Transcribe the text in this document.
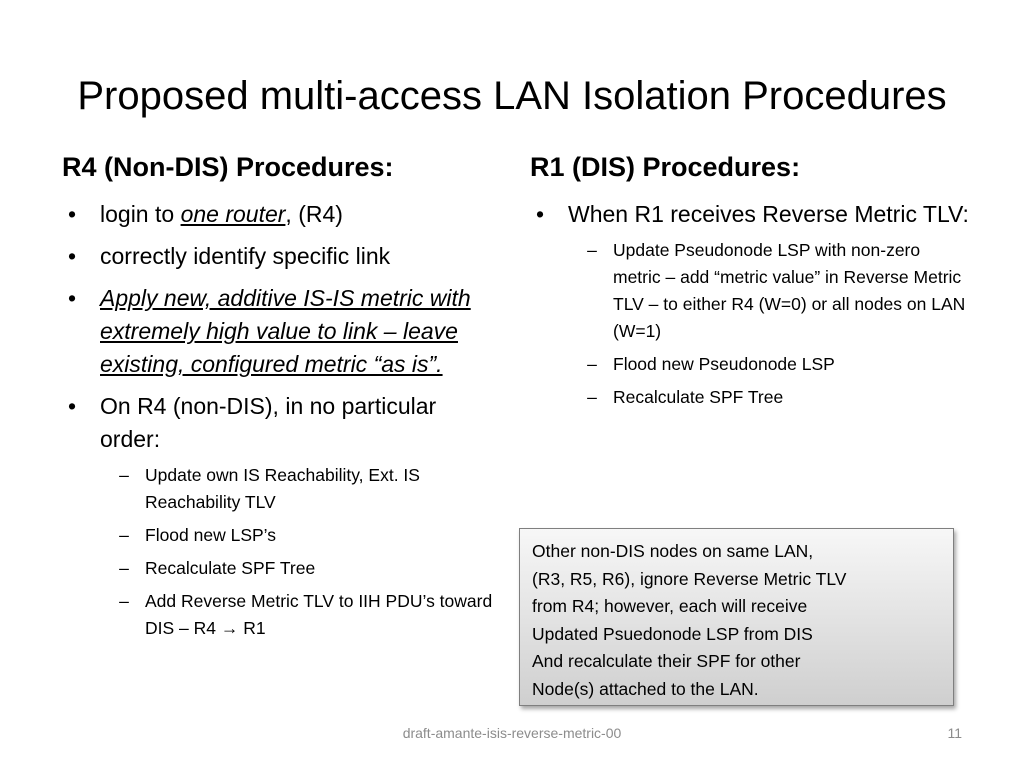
Proposed multi-access LAN Isolation Procedures
R4 (Non-DIS) Procedures:	R1 (DIS) Procedures:
• login to one router, (R4)
• correctly identify specific link
• Apply new, additive IS-IS metric with extremely high value to link – leave existing, configured metric “as is”.
• On R4 (non-DIS), in no particular order:
– Update own IS Reachability, Ext. IS Reachability TLV
– Flood new LSP’s
– Recalculate SPF Tree
– Add Reverse Metric TLV to IIH PDU’s toward DIS – R4 → R1
• When R1 receives Reverse Metric TLV:
– Update Pseudonode LSP with non-zero metric – add “metric value” in Reverse Metric TLV – to either R4 (W=0) or all nodes on LAN (W=1)
– Flood new Pseudonode LSP
– Recalculate SPF Tree
Other non-DIS nodes on same LAN,
(R3, R5, R6), ignore Reverse Metric TLV
from R4; however, each will receive
Updated Psuedonode LSP from DIS
And recalculate their SPF for other
Node(s) attached to the LAN.
draft-amante-isis-reverse-metric-00	11
